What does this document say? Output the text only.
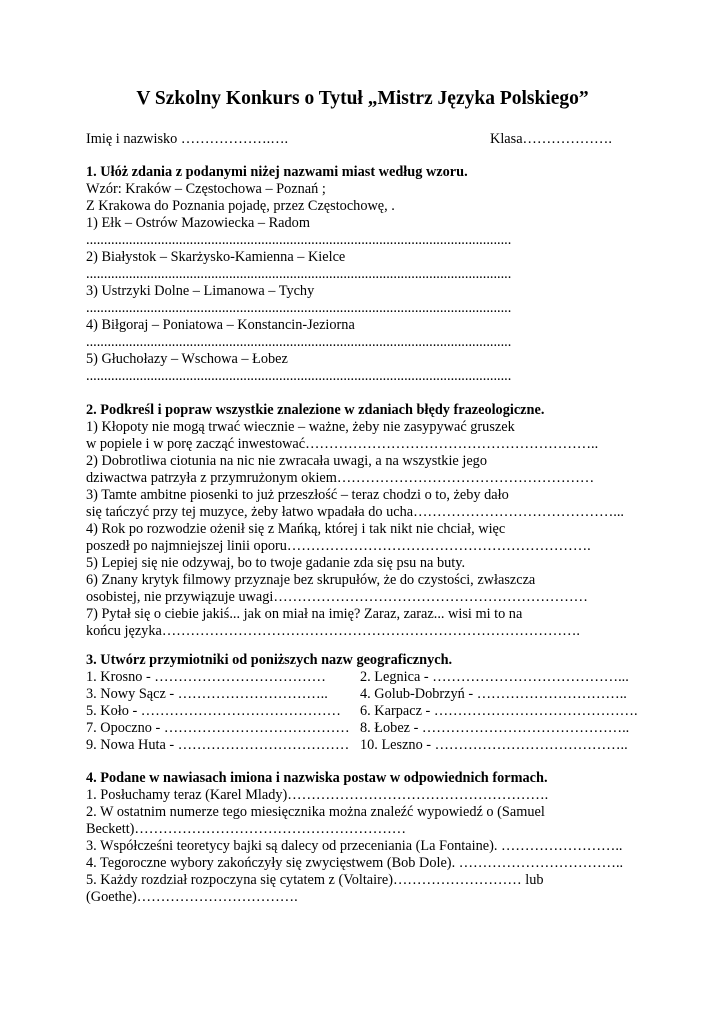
V Szkolny Konkurs o Tytuł „Mistrz Języka Polskiego”
Imię i nazwisko ……………….….	Klasa……………….
1. Ułóż zdania z podanymi niżej nazwami miast według wzoru.
Wzór: Kraków – Częstochowa – Poznań ;
Z Krakowa do Poznania pojadę, przez Częstochowę, .
1) Ełk – Ostrów Mazowiecka – Radom
.......................................................................................................................
2) Białystok – Skarżysko-Kamienna – Kielce
.......................................................................................................................
3) Ustrzyki Dolne – Limanowa – Tychy
.......................................................................................................................
4) Biłgoraj – Poniatowa – Konstancin-Jeziorna
.......................................................................................................................
5) Głuchołazy – Wschowa – Łobez
.......................................................................................................................
2. Podkreśl i popraw wszystkie znalezione w zdaniach błędy frazeologiczne.
1) Kłopoty nie mogą trwać wiecznie – ważne, żeby nie zasypywać gruszek
w popiele i w porę zacząć inwestować……………………………………………………..
2) Dobrotliwa ciotunia na nic nie zwracała uwagi, a na wszystkie jego
dziwactwa patrzyła z przymrużonym okiem………………………………………………
3) Tamte ambitne piosenki to już przeszłość – teraz chodzi o to, żeby dało
się tańczyć przy tej muzyce, żeby łatwo wpadała do ucha……………………………………...
4) Rok po rozwodzie ożenił się z Mańką, której i tak nikt nie chciał, więc
poszedł po najmniejszej linii oporu……………………………………………………….
5) Lepiej się nie odzywaj, bo to twoje gadanie zda się psu na buty.
6) Znany krytyk filmowy przyznaje bez skrupułów, że do czystości, zwłaszcza
osobistej, nie przywiązuje uwagi…………………………………………………………
7) Pytał się o ciebie jakiś... jak on miał na imię? Zaraz, zaraz... wisi mi to na
końcu języka…………………………………………………………………………….
3. Utwórz przymiotniki od poniższych nazw geograficznych.
1. Krosno - ……………………………… 2. Legnica - …………………………………...
3. Nowy Sącz - ………………………….. 4. Golub-Dobrzyń - …………………………..
5. Koło - …………………………………… 6. Karpacz - …………………………………….
7. Opoczno - ………………………………… 8. Łobez - ……………………………………..
9. Nowa Huta - ……………………………… 10. Leszno - …………………………………..
4. Podane w nawiasach imiona i nazwiska postaw w odpowiednich formach.
1. Posłuchamy teraz (Karel Mlady)……………………………………………….
2. W ostatnim numerze tego miesięcznika można znaleźć wypowiedź o (Samuel
Beckett)…………………………………………………
3. Współcześni teoretycy bajki są dalecy od przeceniania (La Fontaine). ……………………..
4. Tegoroczne wybory zakończyły się zwycięstwem (Bob Dole). ……………………………..
5. Każdy rozdział rozpoczyna się cytatem z (Voltaire)……………………… lub
(Goethe)…………………………….
